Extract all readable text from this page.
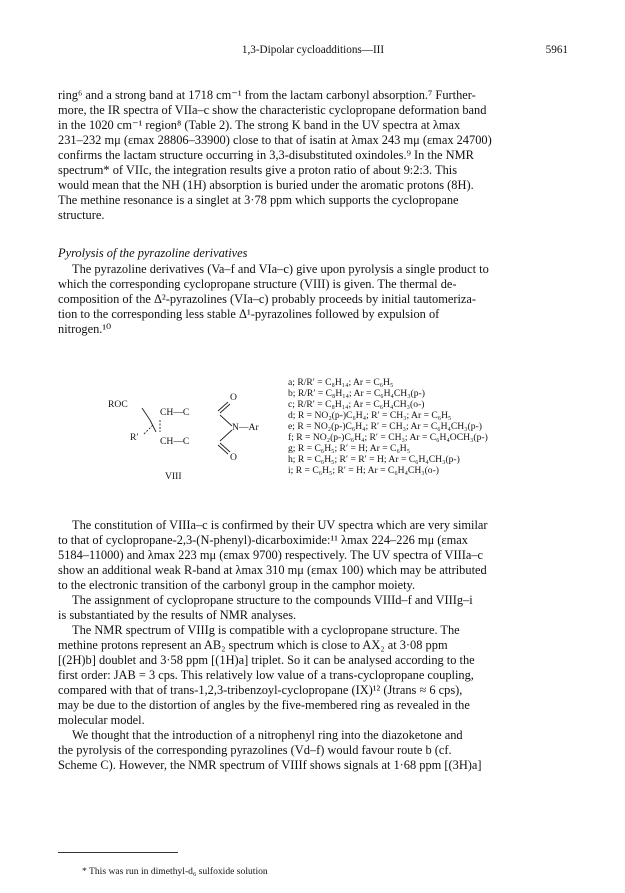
1,3-Dipolar cycloadditions—III	5961

ring⁶ and a strong band at 1718 cm⁻¹ from the lactam carbonyl absorption.⁷ Further-

more, the IR spectra of VIIa–c show the characteristic cyclopropane deformation band

in the 1020 cm⁻¹ region⁸ (Table 2). The strong K band in the UV spectra at λmax

231–232 mμ (εmax 28806–33900) close to that of isatin at λmax 243 mμ (εmax 24700)

confirms the lactam structure occurring in 3,3-disubstituted oxindoles.⁹ In the NMR

spectrum* of VIIc, the integration results give a proton ratio of about 9:2:3. This

would mean that the NH (1H) absorption is buried under the aromatic protons (8H).

The methine resonance is a singlet at 3·78 ppm which supports the cyclopropane

structure.

Pyrolysis of the pyrazoline derivatives

The pyrazoline derivatives (Va–f and VIa–c) give upon pyrolysis a single product to

which the corresponding cyclopropane structure (VIII) is given. The thermal de-

composition of the Δ²-pyrazolines (VIa–c) probably proceeds by initial tautomeriza-

tion to the corresponding less stable Δ¹-pyrazolines followed by expulsion of

nitrogen.¹⁰

ROC
CH—C
O
N—Ar
R′ CH—C
O
VIII
a; R/R′ = C₈H₁₄; Ar = C₆H₅
b; R/R′ = C₈H₁₄; Ar = C₆H₄CH₃(p-)
c; R/R′ = C₈H₁₄; Ar = C₆H₄CH₃(o-)
d; R = NO₂(p-)C₆H₄; R′ = CH₃; Ar = C₆H₅
e; R = NO₂(p-)C₆H₄; R′ = CH₃; Ar = C₆H₄CH₃(p-)
f; R = NO₂(p-)C₆H₄; R′ = CH₃; Ar = C₆H₄OCH₃(p-)
g; R = C₆H₅; R′ = H; Ar = C₆H₅
h; R = C₆H₅; R′ = R′ = H; Ar = C₆H₄CH₃(p-)
i; R = C₆H₅; R′ = H; Ar = C₆H₄CH₃(o-)

The constitution of VIIIa–c is confirmed by their UV spectra which are very similar

to that of cyclopropane-2,3-(N-phenyl)-dicarboximide:¹¹ λmax 224–226 mμ (εmax

5184–11000) and λmax 223 mμ (εmax 9700) respectively. The UV spectra of VIIIa–c

show an additional weak R-band at λmax 310 mμ (εmax 100) which may be attributed

to the electronic transition of the carbonyl group in the camphor moiety.

The assignment of cyclopropane structure to the compounds VIIId–f and VIIIg–i

is substantiated by the results of NMR analyses.

The NMR spectrum of VIIIg is compatible with a cyclopropane structure. The

methine protons represent an AB₂ spectrum which is close to AX₂ at 3·08 ppm

[(2H)b] doublet and 3·58 ppm [(1H)a] triplet. So it can be analysed according to the

first order: JAB = 3 cps. This relatively low value of a trans-cyclopropane coupling,

compared with that of trans-1,2,3-tribenzoyl-cyclopropane (IX)¹² (Jtrans ≈ 6 cps),

may be due to the distortion of angles by the five-membered ring as revealed in the

molecular model.

We thought that the introduction of a nitrophenyl ring into the diazoketone and

the pyrolysis of the corresponding pyrazolines (Vd–f) would favour route b (cf.

Scheme C). However, the NMR spectrum of VIIIf shows signals at 1·68 ppm [(3H)a]

* This was run in dimethyl-d₆ sulfoxide solution
